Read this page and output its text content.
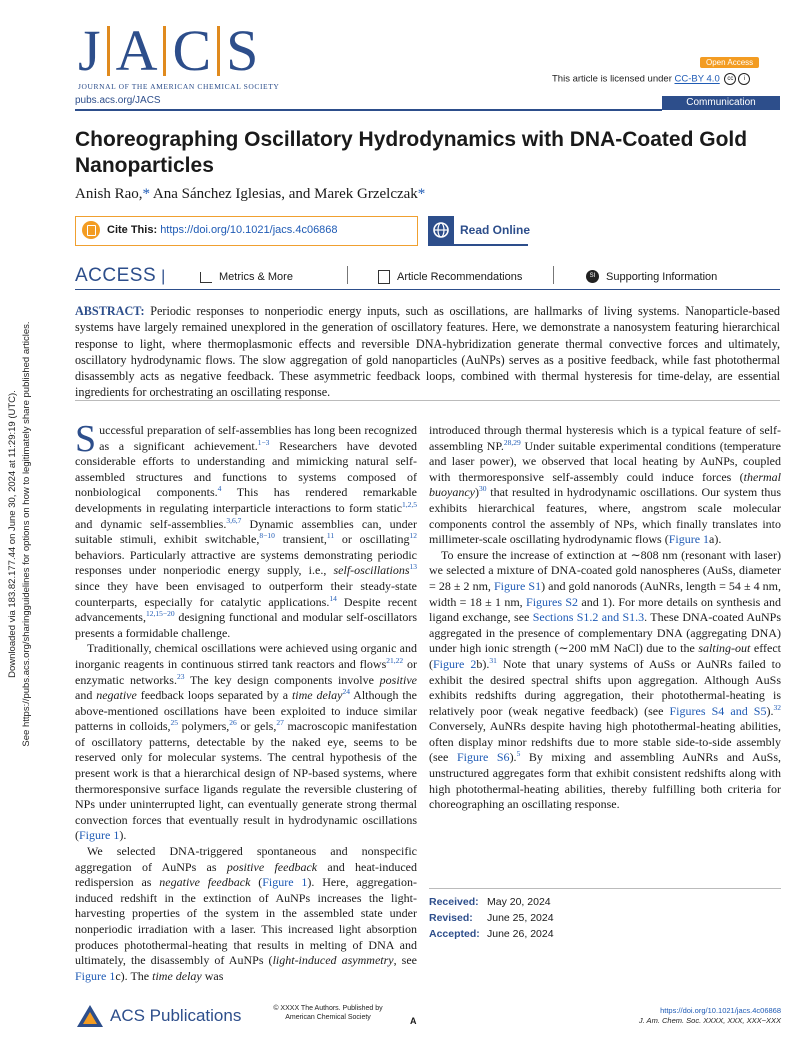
Downloaded via 183.82.177.44 on June 30, 2024 at 11:29:19 (UTC). See https://pubs.acs.org/sharingguidelines for options on how to legitimately share published articles.
J A C S
JOURNAL OF THE AMERICAN CHEMICAL SOCIETY
Open Access
This article is licensed under CC-BY 4.0 cc i
pubs.acs.org/JACS	Communication
Choreographing Oscillatory Hydrodynamics with DNA-Coated Gold Nanoparticles
Anish Rao,* Ana Sánchez Iglesias, and Marek Grzelczak*
Cite This: https://doi.org/10.1021/jacs.4c06868	Read Online
ACCESS |	Metrics & More	Article Recommendations	SI Supporting Information
ABSTRACT: Periodic responses to nonperiodic energy inputs, such as oscillations, are hallmarks of living systems. Nanoparticle-based systems have largely remained unexplored in the generation of oscillatory features. Here, we demonstrate a nanosystem featuring hierarchical response to light, where thermoplasmonic effects and reversible DNA-hybridization generate thermal convective forces and ultimately, oscillatory hydrodynamic flows. The slow aggregation of gold nanoparticles (AuNPs) serves as a positive feedback, while fast photothermal disassembly acts as negative feedback. These asymmetric feedback loops, combined with thermal hysteresis for time-delay, are essential ingredients for orchestrating an oscillating response.

Successful preparation of self-assemblies has long been recognized as a significant achievement.$^{1-3}$ Researchers have devoted considerable efforts to understanding and mimicking natural self-assembled structures and functions to systems composed of nonbiological components.$^4$ This has rendered remarkable developments in regulating interparticle interactions to form static$^{1,2,5}$ and dynamic self-assemblies.$^{3,6,7}$ Dynamic assemblies can, under suitable stimuli, exhibit switchable,$^{8-10}$ transient,$^{11}$ or oscillating$^{12}$ behaviors. Particularly attractive are systems demonstrating periodic responses under nonperiodic energy supply, i.e., self-oscillations$^{13}$ since they have been envisaged to outperform their steady-state counterparts, especially for catalytic applications.$^{14}$ Despite recent advancements,$^{12,15-20}$ designing functional and modular self-oscillators presents a formidable challenge.

Traditionally, chemical oscillations were achieved using organic and inorganic reagents in continuous stirred tank reactors and flows$^{21,22}$ or enzymatic networks.$^{23}$ The key design components involve positive and negative feedback loops separated by a time delay$^{24}$ Although the above-mentioned oscillations have been exploited to induce similar patterns in colloids,$^{25}$ polymers,$^{26}$ or gels,$^{27}$ macroscopic manifestation of oscillatory patterns, detectable by the naked eye, seems to be reserved only for molecular systems. The central hypothesis of the present work is that a hierarchical design of NP-based systems, where thermoresponsive surface ligands regulate the reversible clustering of NPs under uninterrupted light, can eventually generate strong thermal convection forces that eventually result in hydrodynamic oscillations (Figure 1).

We selected DNA-triggered spontaneous and nonspecific aggregation of AuNPs as positive feedback and heat-induced redispersion as negative feedback (Figure 1). Here, aggregation-induced redshift in the extinction of AuNPs increases the light-harvesting properties of the system in the assembled state under nonperiodic irradiation with a laser. This increased light absorption produces photothermal-heating that results in melting of DNA and ultimately, the disassembly of AuNPs (light-induced asymmetry, see Figure 1c). The time delay was

introduced through thermal hysteresis which is a typical feature of self-assembling NP.$^{28,29}$ Under suitable experimental conditions (temperature and laser power), we observed that local heating by AuNPs, coupled with thermoresponsive self-assembly could induce forces (thermal buoyancy)$^{30}$ that resulted in hydrodynamic oscillations. Our system thus exhibits hierarchical features, where, angstrom scale molecular components control the assembly of NPs, which finally translates into millimeter-scale oscillating hydrodynamic flows (Figure 1a).

To ensure the increase of extinction at ∼808 nm (resonant with laser) we selected a mixture of DNA-coated gold nanospheres (AuSs, diameter = 28 ± 2 nm, Figure S1) and gold nanorods (AuNRs, length = 54 ± 4 nm, width = 18 ± 1 nm, Figures S2 and 1). For more details on synthesis and ligand exchange, see Sections S1.2 and S1.3. These DNA-coated AuNPs aggregated in the presence of complementary DNA (aggregating DNA) under high ionic strength (∼200 mM NaCl) due to the salting-out effect (Figure 2b).$^{31}$ Note that unary systems of AuSs or AuNRs failed to exhibit the desired spectral shifts upon aggregation. Although AuSs exhibits redshifts during aggregation, their photothermal-heating is relatively poor (weak negative feedback) (see Figures S4 and S5).$^{32}$ Conversely, AuNRs despite having high photothermal-heating abilities, often display minor redshifts due to more stable side-to-side assembly (see Figure S6).$^5$ By mixing and assembling AuNRs and AuSs, unstructured aggregates form that exhibit consistent redshifts along with high photothermal-heating abilities, thereby fulfilling both criteria for choreographing an oscillating response.

Received: May 20, 2024
Revised: June 25, 2024
Accepted: June 26, 2024
ACS Publications	© XXXX The Authors. Published by
American Chemical Society	A
https://doi.org/10.1021/jacs.4c06868
J. Am. Chem. Soc. XXXX, XXX, XXX−XXX
